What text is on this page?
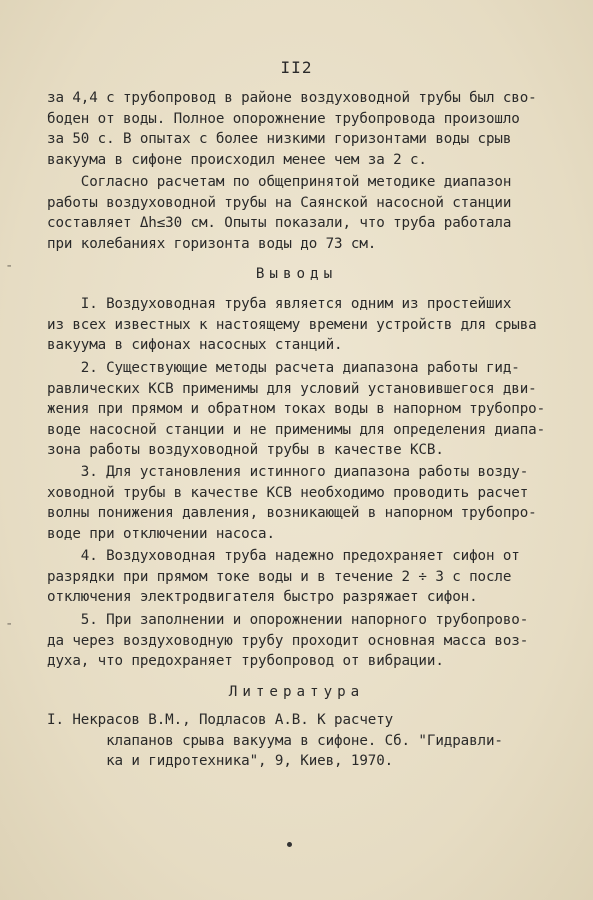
II2
за 4,4 с трубопровод в районе воздуховодной трубы был сво-
боден от воды. Полное опорожнение трубопровода произошло
за 50 с. В опытах с более низкими горизонтами воды срыв
вакуума в сифоне происходил менее чем за 2 с.
Согласно расчетам по общепринятой методике диапазон
работы воздуховодной трубы на Саянской насосной станции
составляет Δh≤30 см. Опыты показали, что труба работала
при колебаниях горизонта воды до 73 см.
Выводы
I. Воздуховодная труба является одним из простейших
из всех известных к настоящему времени устройств для срыва
вакуума в сифонах насосных станций.
2. Существующие методы расчета диапазона работы гид-
равлических КСВ применимы для условий установившегося дви-
жения при прямом и обратном токах воды в напорном трубопро-
воде насосной станции и не применимы для определения диапа-
зона работы воздуховодной трубы в качестве КСВ.
3. Для установления истинного диапазона работы возду-
ховодной трубы в качестве КСВ необходимо проводить расчет
волны понижения давления, возникающей в напорном трубопро-
воде при отключении насоса.
4. Воздуховодная труба надежно предохраняет сифон от
разрядки при прямом токе воды и в течение 2 ÷ 3 с после
отключения электродвигателя быстро разряжает сифон.
5. При заполнении и опорожнении напорного трубопрово-
да через воздуховодную трубу проходит основная масса воз-
духа, что предохраняет трубопровод от вибрации.
Литература
I. Некрасов В.М., Подласов А.В. К расчету
клапанов срыва вакуума в сифоне. Сб. "Гидравли-
ка и гидротехника", 9, Киев, 1970.
-
-
